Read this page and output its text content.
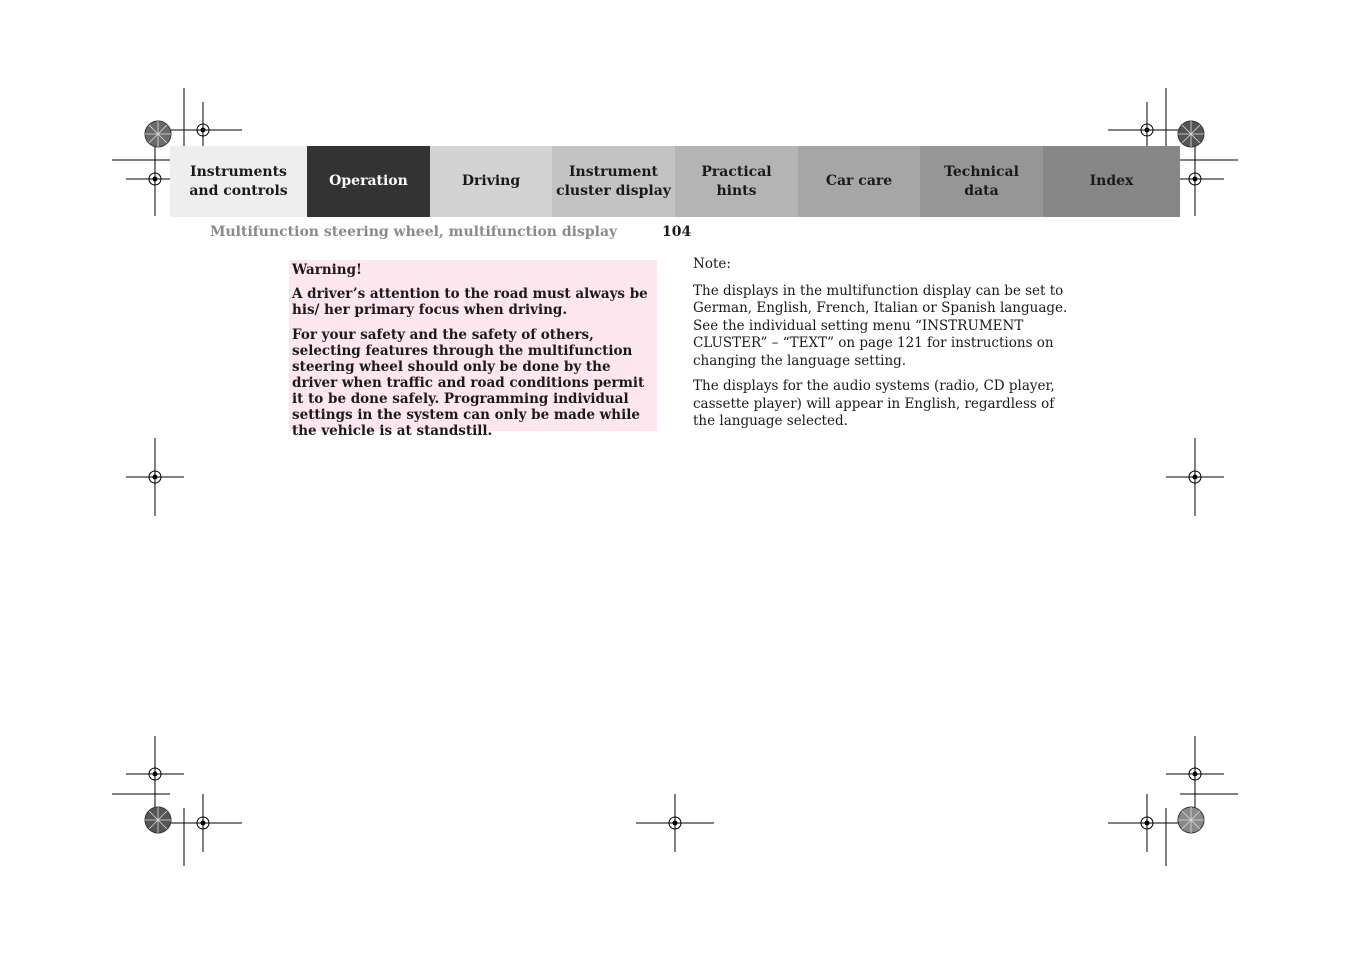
Instruments
and controls
Operation	Driving
Instrument
cluster display
Practical hints
Car care
Technical
data
Index
Multifunction steering wheel, multifunction display	104

Warning!

A driver’s attention to the road must always be his/ her primary focus when driving.

For your safety and the safety of others, selecting features through the multifunction steering wheel should only be done by the driver when traffic and road conditions permit it to be done safely. Programming individual settings in the system can only be made while the vehicle is at standstill.

Note:

The displays in the multifunction display can be set to German, English, French, Italian or Spanish language. See the individual setting menu “INSTRUMENT CLUSTER” – “TEXT” on page 121 for instructions on changing the language setting.

The displays for the audio systems (radio, CD player, cassette player) will appear in English, regardless of the language selected.
